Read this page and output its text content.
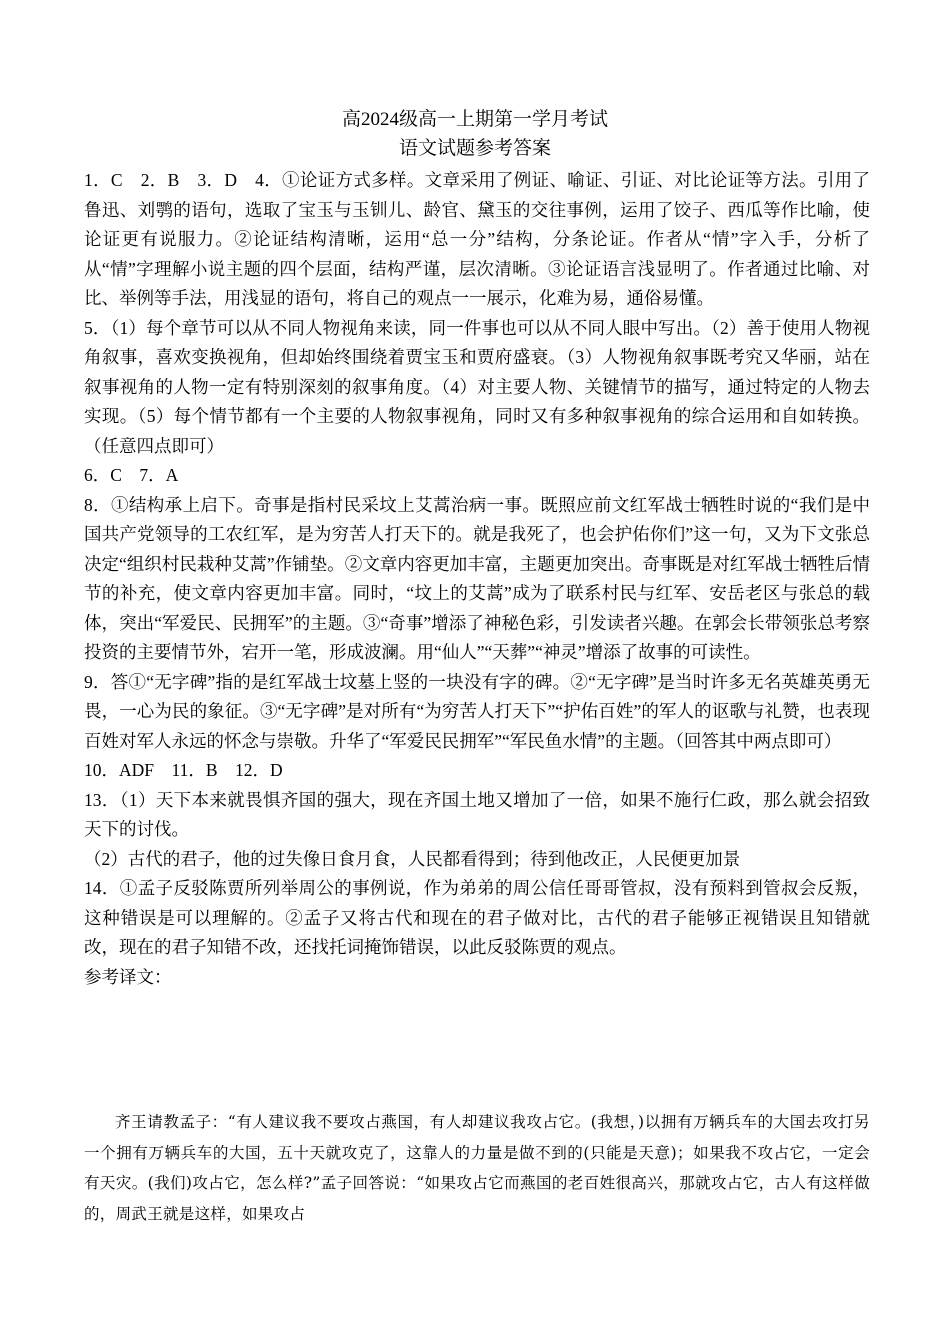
高2024级高一上期第一学月考试
语文试题参考答案

1．C　2．B　3．D　4．①论证方式多样。文章采用了例证、喻证、引证、对比论证等方法。引用了鲁迅、刘鹗的语句，选取了宝玉与玉钏儿、龄官、黛玉的交往事例，运用了饺子、西瓜等作比喻，使论证更有说服力。②论证结构清晰，运用“总一分”结构，分条论证。作者从“情”字入手，分析了从“情”字理解小说主题的四个层面，结构严谨，层次清晰。③论证语言浅显明了。作者通过比喻、对比、举例等手法，用浅显的语句，将自己的观点一一展示，化难为易，通俗易懂。

5．（1）每个章节可以从不同人物视角来读，同一件事也可以从不同人眼中写出。（2）善于使用人物视角叙事，喜欢变换视角，但却始终围绕着贾宝玉和贾府盛衰。（3）人物视角叙事既考究又华丽，站在叙事视角的人物一定有特别深刻的叙事角度。（4）对主要人物、关键情节的描写，通过特定的人物去实现。（5）每个情节都有一个主要的人物叙事视角，同时又有多种叙事视角的综合运用和自如转换。（任意四点即可）

6．C　7．A

8．①结构承上启下。奇事是指村民采坟上艾蒿治病一事。既照应前文红军战士牺牲时说的“我们是中国共产党领导的工农红军，是为穷苦人打天下的。就是我死了，也会护佑你们”这一句，又为下文张总决定“组织村民栽种艾蒿”作铺垫。②文章内容更加丰富，主题更加突出。奇事既是对红军战士牺牲后情节的补充，使文章内容更加丰富。同时，“坟上的艾蒿”成为了联系村民与红军、安岳老区与张总的载体，突出“军爱民、民拥军”的主题。③“奇事”增添了神秘色彩，引发读者兴趣。在郭会长带领张总考察投资的主要情节外，宕开一笔，形成波澜。用“仙人”“天葬”“神灵”增添了故事的可读性。

9．答①“无字碑”指的是红军战士坟墓上竖的一块没有字的碑。②“无字碑”是当时许多无名英雄英勇无畏，一心为民的象征。③“无字碑”是对所有“为穷苦人打天下”“护佑百姓”的军人的讴歌与礼赞，也表现百姓对军人永远的怀念与崇敬。升华了“军爱民民拥军”“军民鱼水情”的主题。（回答其中两点即可）

10．ADF　11．B　12．D

13．（1）天下本来就畏惧齐国的强大，现在齐国土地又增加了一倍，如果不施行仁政，那么就会招致天下的讨伐。

（2）古代的君子，他的过失像日食月食，人民都看得到；待到他改正，人民便更加景

14．①孟子反驳陈贾所列举周公的事例说，作为弟弟的周公信任哥哥管叔，没有预料到管叔会反叛，这种错误是可以理解的。②孟子又将古代和现在的君子做对比，古代的君子能够正视错误且知错就改，现在的君子知错不改，还找托词掩饰错误，以此反驳陈贾的观点。

参考译文：

齐王请教孟子：“有人建议我不要攻占燕国，有人却建议我攻占它。(我想，)以拥有万辆兵车的大国去攻打另一个拥有万辆兵车的大国，五十天就攻克了，这靠人的力量是做不到的(只能是天意)；如果我不攻占它，一定会有天灾。(我们)攻占它，怎么样?”孟子回答说：“如果攻占它而燕国的老百姓很高兴，那就攻占它，古人有这样做的，周武王就是这样，如果攻占
